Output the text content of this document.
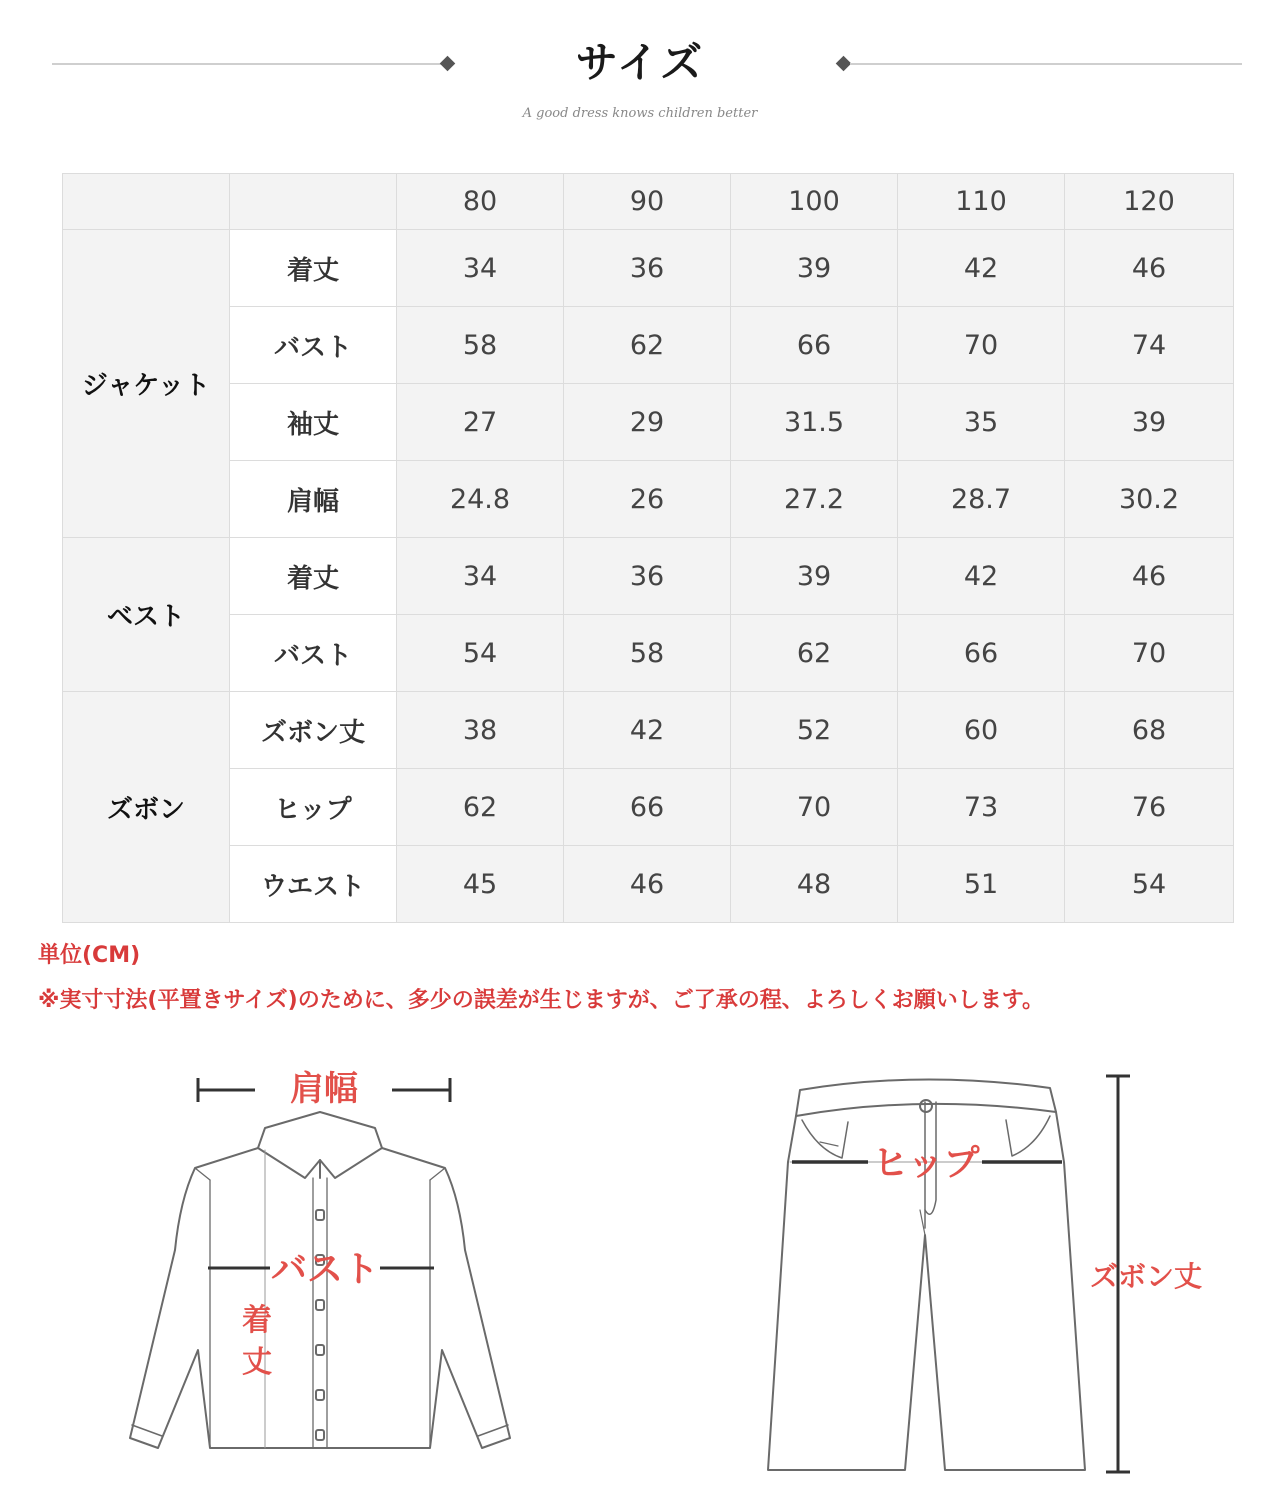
サイズ
A good dress knows children better
		80	90	100	110	120
ジャケット	着丈	34	36	39	42	46
	バスト	58	62	66	70	74
	袖丈	27	29	31.5	35	39
	肩幅	24.8	26	27.2	28.7	30.2
ベスト	着丈	34	36	39	42	46
	バスト	54	58	62	66	70
ズボン	ズボン丈	38	42	52	60	68
	ヒップ	62	66	70	73	76
	ウエスト	45	46	48	51	54
単位(CM)
※実寸寸法(平置きサイズ)のために、多少の誤差が生じますが、ご了承の程、よろしくお願いします。
肩幅
バスト
着
丈
ヒップ
ズボン丈
